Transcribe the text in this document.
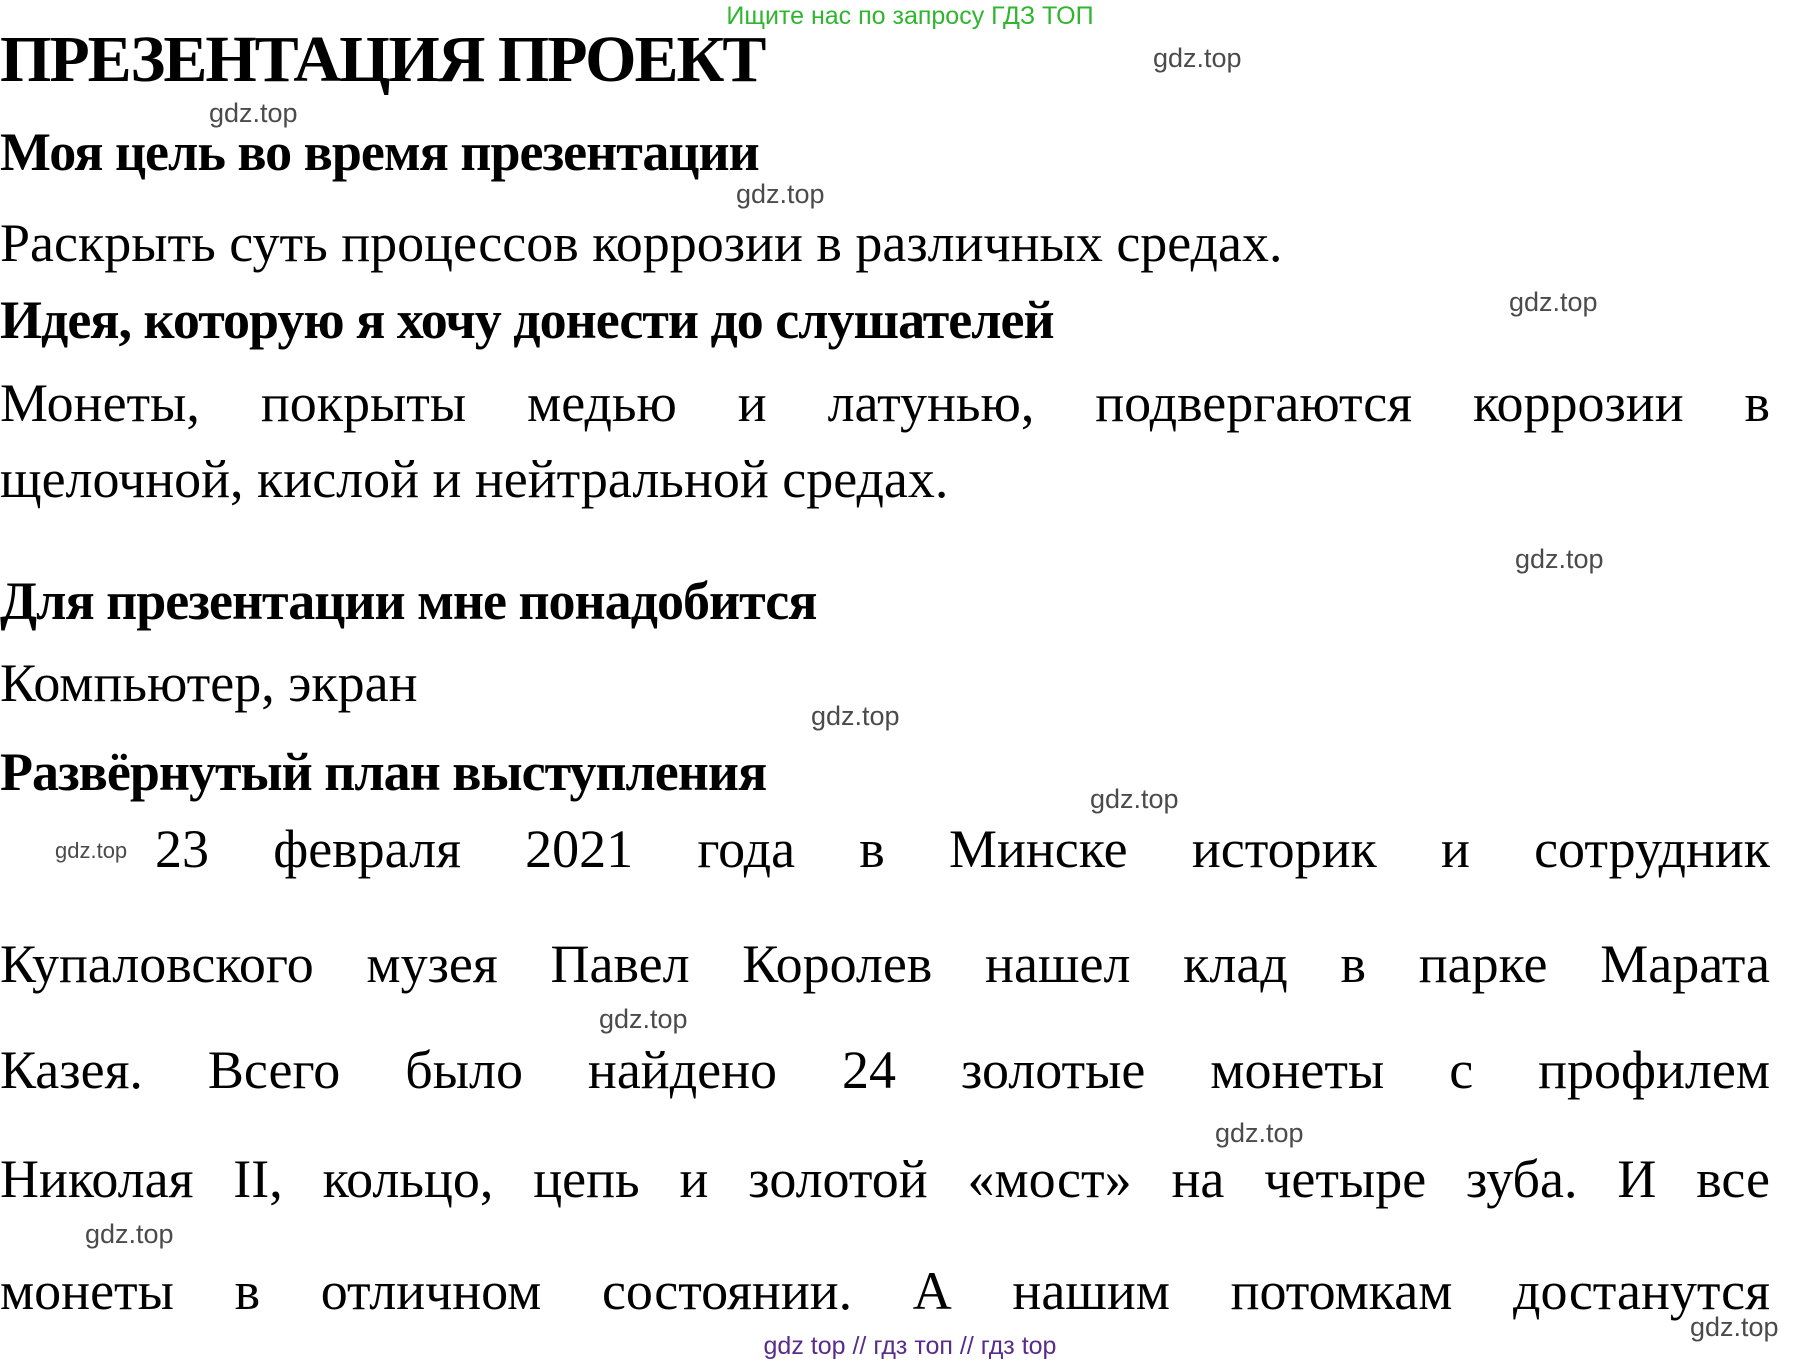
Ищите нас по запросу ГДЗ ТОП
ПРЕЗЕНТАЦИЯ ПРОЕКТ
Моя цель во время презентации
Раскрыть суть процессов коррозии в различных средах.
Идея, которую я хочу донести до слушателей
Монеты, покрыты медью и латунью, подвергаются коррозии в
щелочной, кислой и нейтральной средах.
Для презентации мне понадобится
Компьютер, экран
Развёрнутый план выступления
23 февраля 2021 года в Минске историк и сотрудник
Купаловского музея Павел Королев нашел клад в парке Марата
Казея. Всего было найдено 24 золотые монеты с профилем
Николая II, кольцо, цепь и золотой «мост» на четыре зуба. И все
монеты в отличном состоянии. А нашим потомкам достанутся
gdz.top
gdz.top
gdz.top
gdz.top
gdz.top
gdz.top
gdz.top
gdz.top
gdz.top
gdz.top
gdz.top
gdz.top
gdz top // гдз топ // гдз top
